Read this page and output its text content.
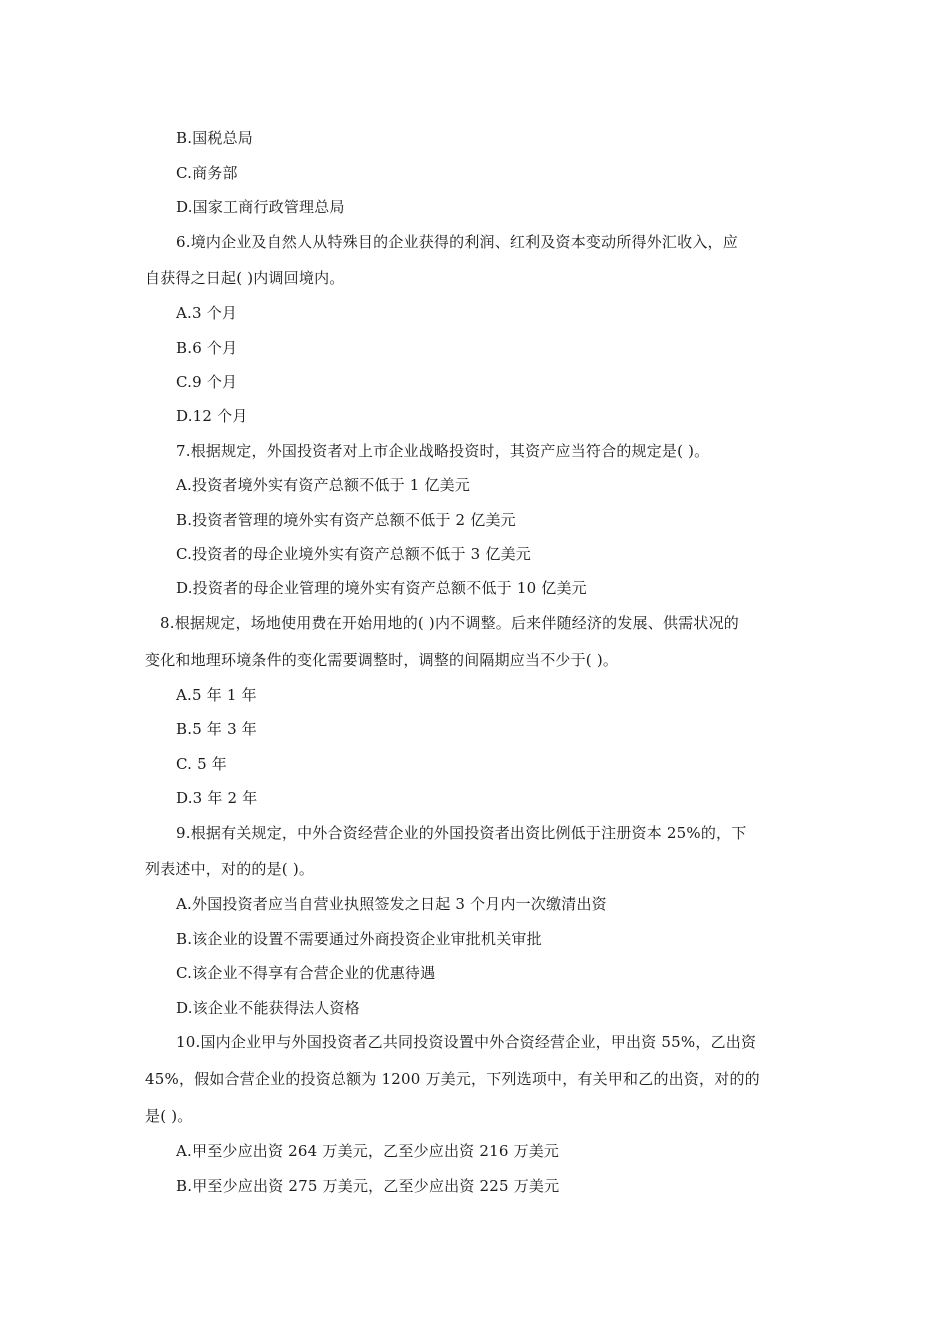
B.国税总局
C.商务部
D.国家工商行政管理总局
6.境内企业及自然人从特殊目的企业获得的利润、红利及资本变动所得外汇收入，应
自获得之日起( )内调回境内。
A.3 个月
B.6 个月
C.9 个月
D.12 个月
7.根据规定，外国投资者对上市企业战略投资时，其资产应当符合的规定是( )。
A.投资者境外实有资产总额不低于 1 亿美元
B.投资者管理的境外实有资产总额不低于 2 亿美元
C.投资者的母企业境外实有资产总额不低于 3 亿美元
D.投资者的母企业管理的境外实有资产总额不低于 10 亿美元
8.根据规定，场地使用费在开始用地的( )内不调整。后来伴随经济的发展、供需状况的
变化和地理环境条件的变化需要调整时，调整的间隔期应当不少于( )。
A.5 年 1 年
B.5 年 3 年
C. 5 年
D.3 年 2 年
9.根据有关规定，中外合资经营企业的外国投资者出资比例低于注册资本 25%的，下
列表述中，对的的是( )。
A.外国投资者应当自营业执照签发之日起 3 个月内一次缴清出资
B.该企业的设置不需要通过外商投资企业审批机关审批
C.该企业不得享有合营企业的优惠待遇
D.该企业不能获得法人资格
10.国内企业甲与外国投资者乙共同投资设置中外合资经营企业，甲出资 55%，乙出资
45%，假如合营企业的投资总额为 1200 万美元，下列选项中，有关甲和乙的出资，对的的
是( )。
A.甲至少应出资 264 万美元，乙至少应出资 216 万美元
B.甲至少应出资 275 万美元，乙至少应出资 225 万美元
